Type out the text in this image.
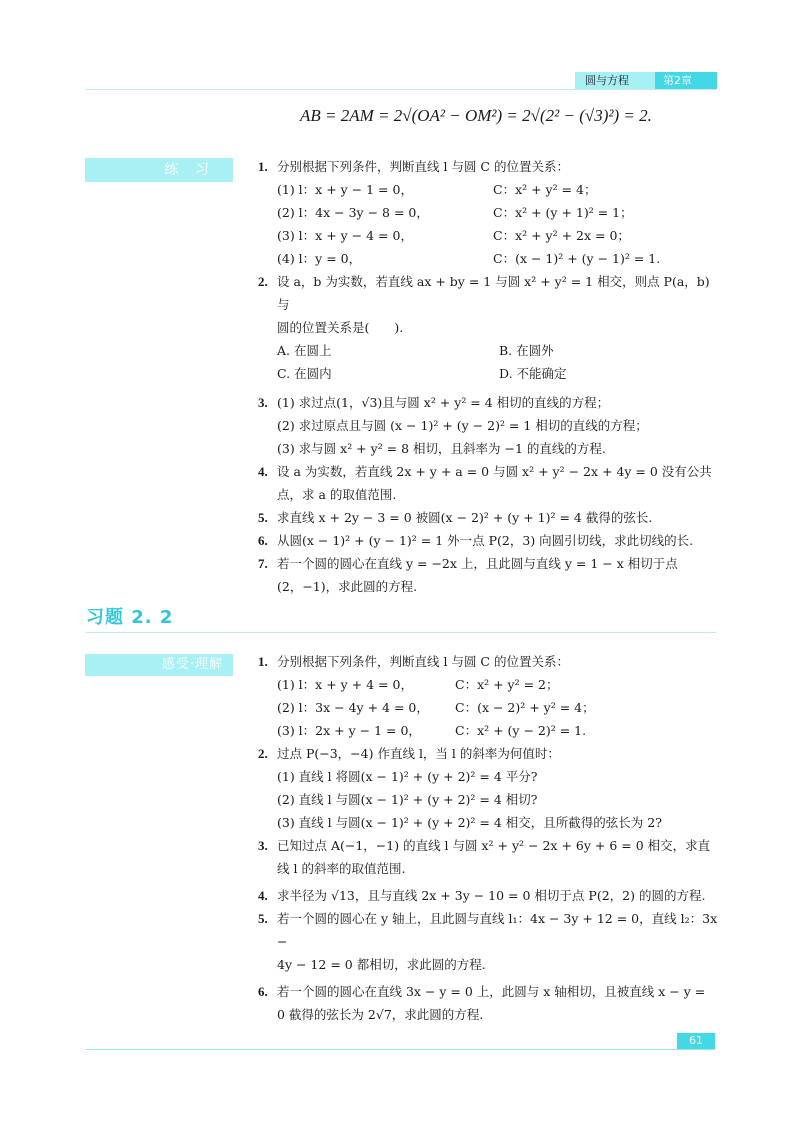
圆与方程	第2章
AB = 2AM = 2√(OA² − OM²) = 2√(2² − (√3)²) = 2.
练 习	1. 分别根据下列条件，判断直线 l 与圆 C 的位置关系：
(1) l：x + y − 1 = 0，	C：x² + y² = 4；
(2) l：4x − 3y − 8 = 0，	C：x² + (y + 1)² = 1；
(3) l：x + y − 4 = 0，	C：x² + y² + 2x = 0；
(4) l：y = 0，	C：(x − 1)² + (y − 1)² = 1.
2. 设 a，b 为实数，若直线 ax + by = 1 与圆 x² + y² = 1 相交，则点 P(a，b) 与
圆的位置关系是(　　).
A. 在圆上	B. 在圆外
C. 在圆内	D. 不能确定
3. (1) 求过点(1，√3)且与圆 x² + y² = 4 相切的直线的方程；
(2) 求过原点且与圆 (x − 1)² + (y − 2)² = 1 相切的直线的方程；
(3) 求与圆 x² + y² = 8 相切，且斜率为 −1 的直线的方程.
4. 设 a 为实数，若直线 2x + y + a = 0 与圆 x² + y² − 2x + 4y = 0 没有公共
点，求 a 的取值范围.
5. 求直线 x + 2y − 3 = 0 被圆(x − 2)² + (y + 1)² = 4 截得的弦长.
6. 从圆(x − 1)² + (y − 1)² = 1 外一点 P(2，3) 向圆引切线，求此切线的长.
7. 若一个圆的圆心在直线 y = −2x 上，且此圆与直线 y = 1 − x 相切于点
(2，−1)，求此圆的方程.
习题 2. 2
感受·理解	1. 分别根据下列条件，判断直线 l 与圆 C 的位置关系：
(1) l：x + y + 4 = 0，	C：x² + y² = 2；
(2) l：3x − 4y + 4 = 0，	C：(x − 2)² + y² = 4；
(3) l：2x + y − 1 = 0，	C：x² + (y − 2)² = 1.
2. 过点 P(−3，−4) 作直线 l，当 l 的斜率为何值时：
(1) 直线 l 将圆(x − 1)² + (y + 2)² = 4 平分?
(2) 直线 l 与圆(x − 1)² + (y + 2)² = 4 相切?
(3) 直线 l 与圆(x − 1)² + (y + 2)² = 4 相交，且所截得的弦长为 2?
3. 已知过点 A(−1，−1) 的直线 l 与圆 x² + y² − 2x + 6y + 6 = 0 相交，求直
线 l 的斜率的取值范围.
4. 求半径为 √13，且与直线 2x + 3y − 10 = 0 相切于点 P(2，2) 的圆的方程.
5. 若一个圆的圆心在 y 轴上，且此圆与直线 l₁：4x − 3y + 12 = 0，直线 l₂：3x −
4y − 12 = 0 都相切，求此圆的方程.
6. 若一个圆的圆心在直线 3x − y = 0 上，此圆与 x 轴相切，且被直线 x − y =
0 截得的弦长为 2√7，求此圆的方程.
61
